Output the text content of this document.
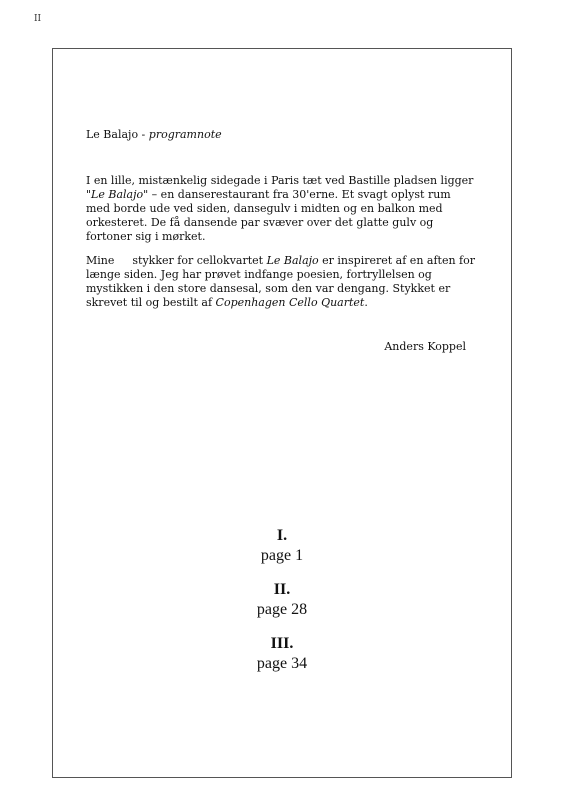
II

Le Balajo - programnote

I en lille, mistænkelig sidegade i Paris tæt ved Bastille pladsen ligger "Le Balajo" – en danserestaurant fra 30'erne. Et svagt oplyst rum med borde ude ved siden, dansegulv i midten og en balkon med orkesteret. De få dansende par svæver over det glatte gulv og fortoner sig i mørket.

Mine stykker for cellokvartet Le Balajo er inspireret af en aften for længe siden. Jeg har prøvet indfange poesien, fortryllelsen og mystikken i den store dansesal, som den var dengang. Stykket er skrevet til og bestilt af Copenhagen Cello Quartet.

Anders Koppel
I.
page 1
II.
page 28
III.
page 34
